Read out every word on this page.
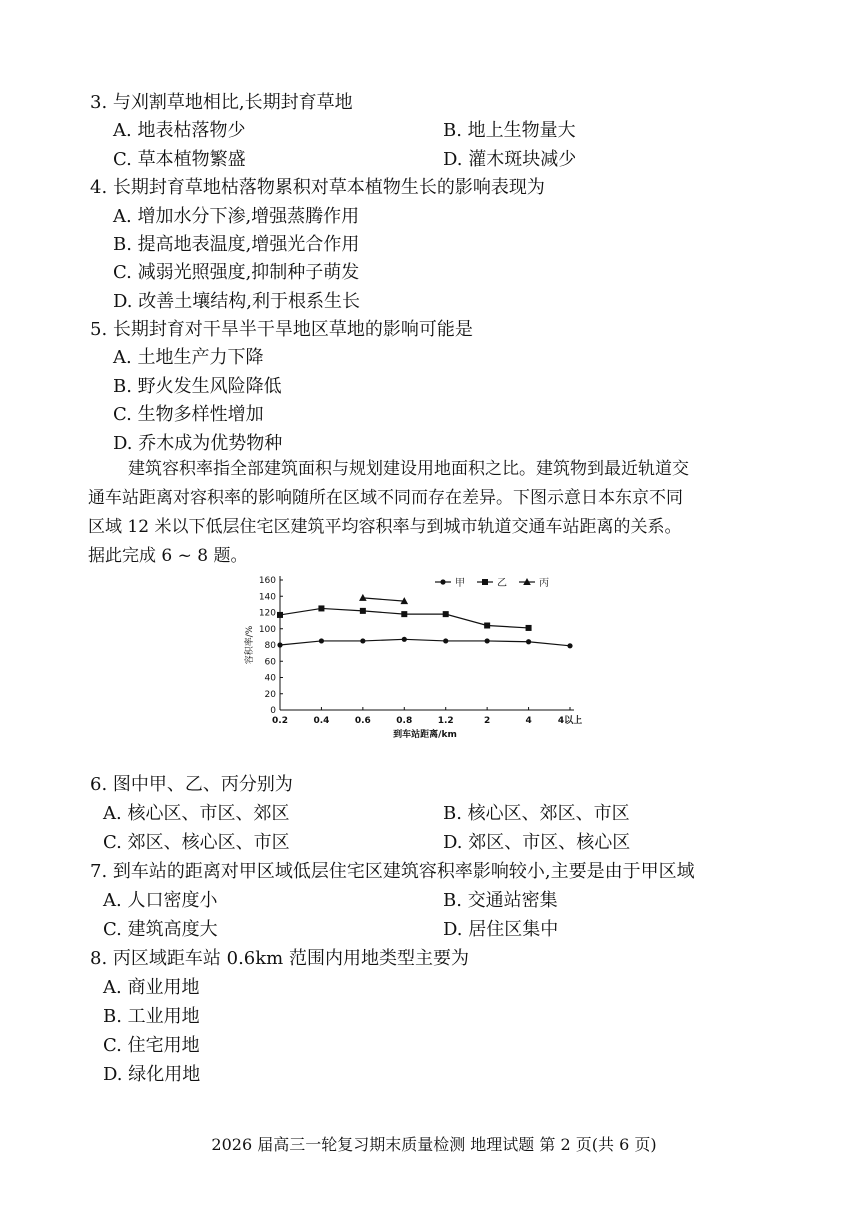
3. 与刈割草地相比,长期封育草地
A. 地表枯落物少	B. 地上生物量大
C. 草本植物繁盛	D. 灌木斑块减少
4. 长期封育草地枯落物累积对草本植物生长的影响表现为
A. 增加水分下渗,增强蒸腾作用
B. 提高地表温度,增强光合作用
C. 减弱光照强度,抑制种子萌发
D. 改善土壤结构,利于根系生长
5. 长期封育对干旱半干旱地区草地的影响可能是
A. 土地生产力下降
B. 野火发生风险降低
C. 生物多样性增加
D. 乔木成为优势物种
建筑容积率指全部建筑面积与规划建设用地面积之比。建筑物到最近轨道交
通车站距离对容积率的影响随所在区域不同而存在差异。下图示意日本东京不同
区域 12 米以下低层住宅区建筑平均容积率与到城市轨道交通车站距离的关系。
据此完成 6 ~ 8 题。
0
20
40
60
80
100
120
140
160
0.2	0.4	0.6	0.8	1.2	2	4	4以上
到车站距离/km
容积率/%
甲	乙	丙
6. 图中甲、乙、丙分别为
A. 核心区、市区、郊区	B. 核心区、郊区、市区
C. 郊区、核心区、市区	D. 郊区、市区、核心区
7. 到车站的距离对甲区域低层住宅区建筑容积率影响较小,主要是由于甲区域
A. 人口密度小	B. 交通站密集
C. 建筑高度大	D. 居住区集中
8. 丙区域距车站 0.6km 范围内用地类型主要为
A. 商业用地
B. 工业用地
C. 住宅用地
D. 绿化用地
2026 届高三一轮复习期末质量检测 地理试题 第 2 页(共 6 页)
